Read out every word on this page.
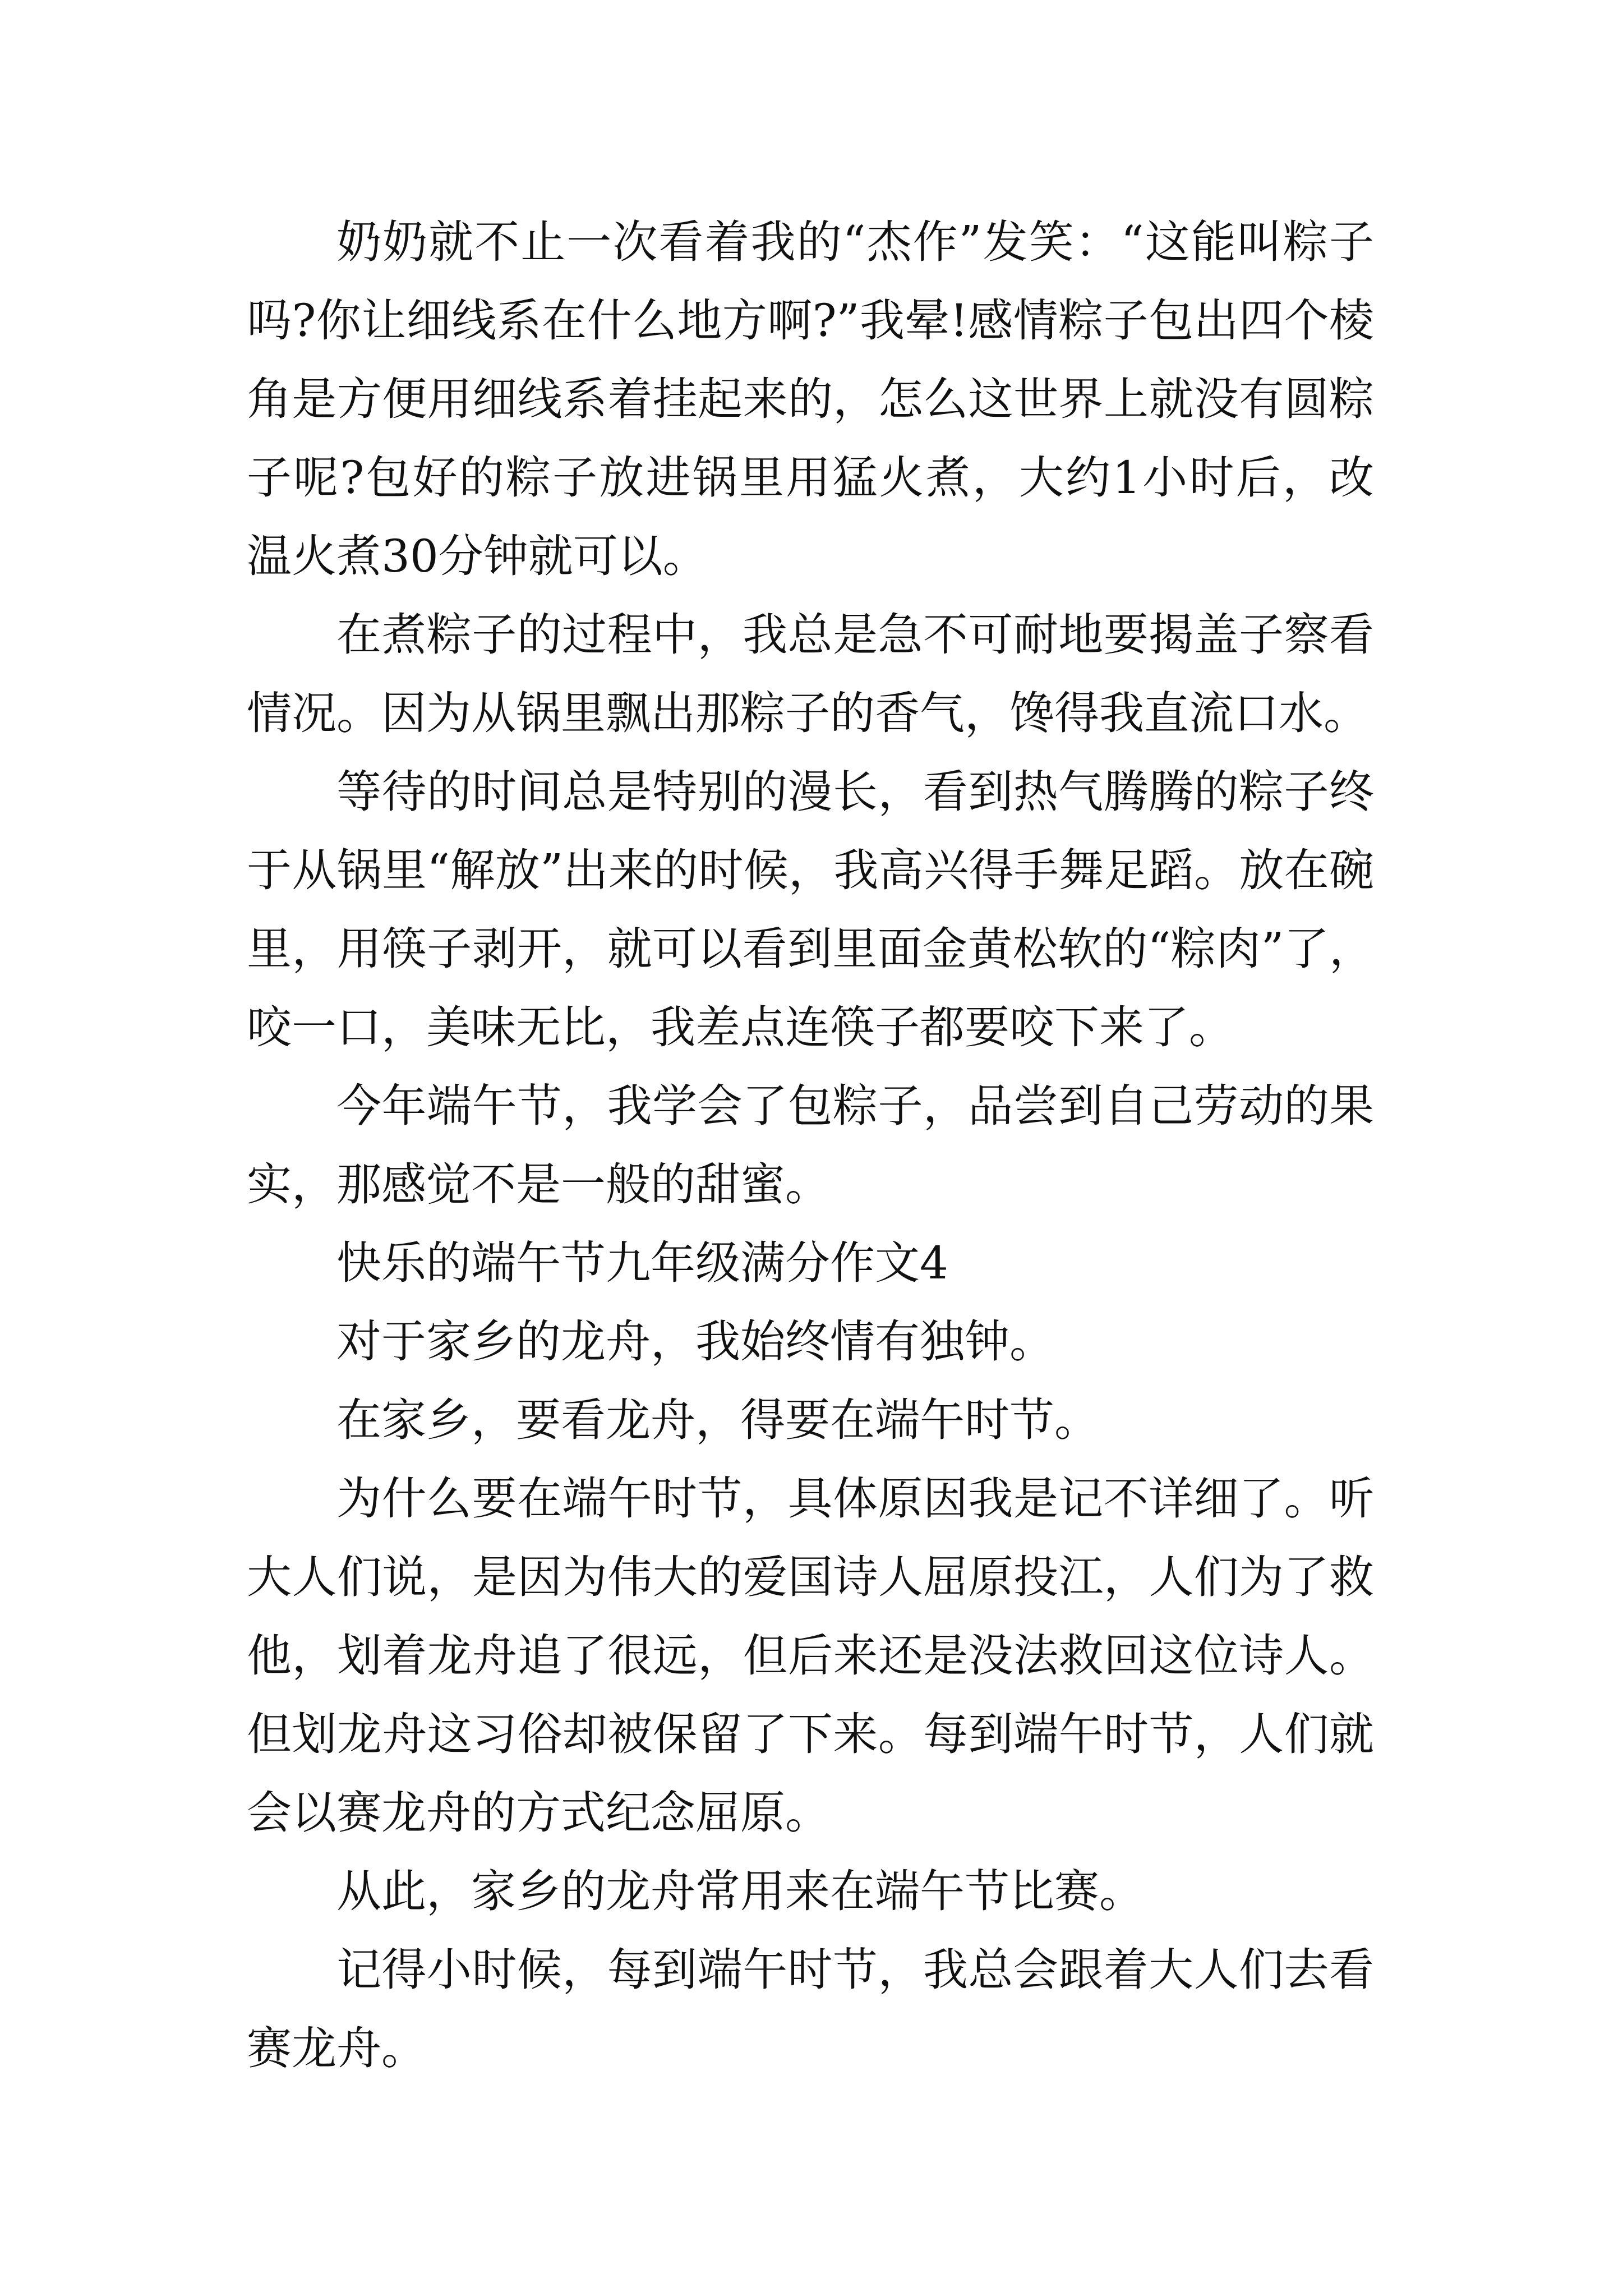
奶奶就不止一次看着我的“杰作”发笑：“这能叫粽子吗?你让细线系在什么地方啊?”我晕!感情粽子包出四个棱角是方便用细线系着挂起来的，怎么这世界上就没有圆粽子呢?包好的粽子放进锅里用猛火煮，大约1小时后，改温火煮30分钟就可以。

在煮粽子的过程中，我总是急不可耐地要揭盖子察看情况。因为从锅里飘出那粽子的香气，馋得我直流口水。

等待的时间总是特别的漫长，看到热气腾腾的粽子终于从锅里“解放”出来的时候，我高兴得手舞足蹈。放在碗里，用筷子剥开，就可以看到里面金黄松软的“粽肉”了，咬一口，美味无比，我差点连筷子都要咬下来了。

今年端午节，我学会了包粽子，品尝到自己劳动的果实，那感觉不是一般的甜蜜。

快乐的端午节九年级满分作文4

对于家乡的龙舟，我始终情有独钟。

在家乡，要看龙舟，得要在端午时节。

为什么要在端午时节，具体原因我是记不详细了。听大人们说，是因为伟大的爱国诗人屈原投江，人们为了救他，划着龙舟追了很远，但后来还是没法救回这位诗人。但划龙舟这习俗却被保留了下来。每到端午时节，人们就会以赛龙舟的方式纪念屈原。

从此，家乡的龙舟常用来在端午节比赛。

记得小时候，每到端午时节，我总会跟着大人们去看赛龙舟。
